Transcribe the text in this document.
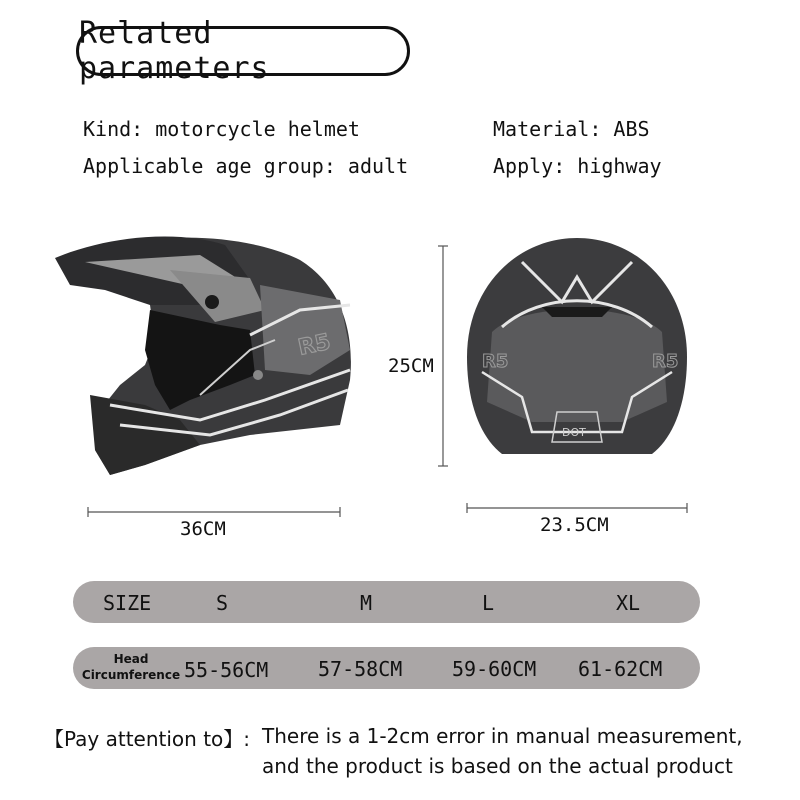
Related parameters
Kind: motorcycle helmet
Applicable age group: adult
Material: ABS
Apply: highway
R5
36CM
25CM
DOT
R5	R5
23.5CM
SIZE	S	M	L	XL
Head
Circumference 55-56CM 57-58CM 59-60CM 61-62CM
【Pay attention to】: There is a 1-2cm error in manual measurement,
and the product is based on the actual product
